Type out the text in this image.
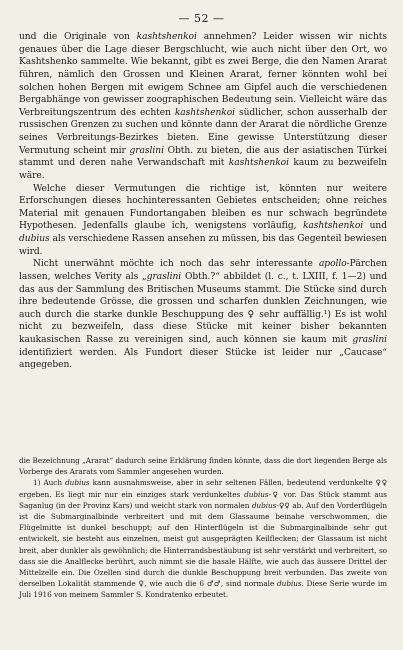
— 52 —

und die Originale von kashtshenkoi annehmen? Leider wissen wir nichts genaues über die Lage dieser Bergschlucht, wie auch nicht über den Ort, wo Kashtshenko sammelte. Wie bekannt, gibt es zwei Berge, die den Namen Ararat führen, nämlich den Grossen und Kleinen Ararat, ferner könnten wohl bei solchen hohen Bergen mit ewigem Schnee am Gipfel auch die verschiedenen Bergabhänge von gewisser zoographischen Bedeutung sein. Vielleicht wäre das Verbreitungszentrum des echten kashtshenkoi südlicher, schon ausserhalb der russischen Grenzen zu suchen und könnte dann der Ararat die nördliche Grenze seines Verbreitungs-Bezirkes bieten. Eine gewisse Unterstützung dieser Vermutung scheint mir graslini Obth. zu bieten, die aus der asiatischen Türkei stammt und deren nahe Verwandschaft mit kashtshenkoi kaum zu bezweifeln wäre.

Welche dieser Vermutungen die richtige ist, könnten nur weitere Erforschungen dieses hochinteressanten Gebietes entscheiden; ohne reiches Material mit genauen Fundortangaben bleiben es nur schwach begründete Hypothesen. Jedenfalls glaube ich, wenigstens vorläufig, kashtshenkoi und dubius als verschiedene Rassen ansehen zu müssen, bis das Gegenteil bewiesen wird.

Nicht unerwähnt möchte ich noch das sehr interessante apollo-Pärchen lassen, welches Verity als „graslini Obth.?“ abbildet (l. c., t. LXIII, f. 1—2) und das aus der Sammlung des Britischen Museums stammt. Die Stücke sind durch ihre bedeutende Grösse, die grossen und scharfen dunklen Zeichnungen, wie auch durch die starke dunkle Beschuppung des ♀ sehr auffällig.¹) Es ist wohl nicht zu bezweifeln, dass diese Stücke mit keiner bisher bekannten kaukasischen Rasse zu vereinigen sind, auch können sie kaum mit graslini identifiziert werden. Als Fundort dieser Stücke ist leider nur „Caucase“ angegeben.

die Bezeichnung „Ararat“ dadurch seine Erklärung finden könnte, dass die dort liegenden Berge als Vorberge des Ararats vom Sammler angesehen wurden.

1) Auch dubius kann ausnahmsweise, aber in sehr seltenen Fällen, bedeutend verdunkelte ♀♀ ergeben. Es liegt mir nur ein einziges stark verdunkeltes dubius-♀ vor. Das Stück stammt aus Saganlug (in der Provinz Kars) und weicht stark von normalen dubius-♀♀ ab. Auf den Vorderflügeln ist die Submarginalbinde verbreitert und mit dem Glassaume beinahe verschwommen, die Flügelmitte ist dunkel beschuppt; auf den Hinterflügeln ist die Submarginalbinde sehr gut entwickelt, sie besteht aus einzelnen, meist gut ausgeprägten Keilflecken; der Glassaum ist nicht breit, aber dunkler als gewöhnlich; die Hinterrandsbestäubung ist sehr verstärkt und verbreitert, so dass sie die Analflecke berührt, auch nimmt sie die basale Hälfte, wie auch das äussere Drittel der Mittelzelle ein. Die Ozellen sind durch die dunkle Beschuppung breit verbunden. Das zweite von derselben Lokalität stammende ♀, wie auch die 6 ♂♂, sind normale dubius. Diese Serie wurde im Juli 1916 von meinem Sammler S. Kondratenko erbeutet.
